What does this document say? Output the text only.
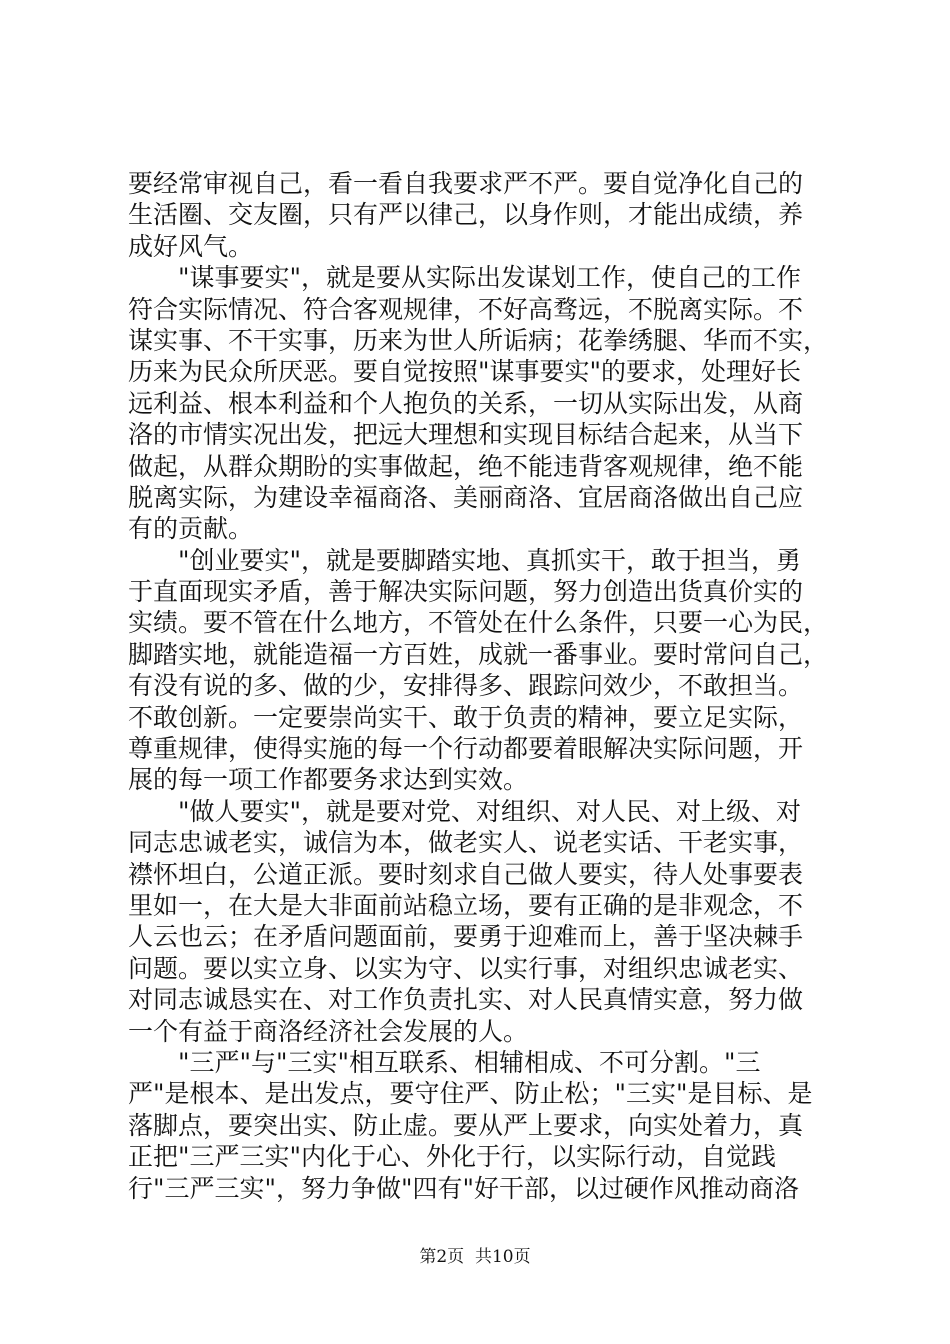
要经常审视自己，看一看自我要求严不严。要自觉净化自己的
生活圈、交友圈，只有严以律己，以身作则，才能出成绩，养
成好风气。
　　"谋事要实"，就是要从实际出发谋划工作，使自己的工作
符合实际情况、符合客观规律，不好高骛远，不脱离实际。不
谋实事、不干实事，历来为世人所诟病；花拳绣腿、华而不实，
历来为民众所厌恶。要自觉按照"谋事要实"的要求，处理好长
远利益、根本利益和个人抱负的关系，一切从实际出发，从商
洛的市情实况出发，把远大理想和实现目标结合起来，从当下
做起，从群众期盼的实事做起，绝不能违背客观规律，绝不能
脱离实际，为建设幸福商洛、美丽商洛、宜居商洛做出自己应
有的贡献。
　　"创业要实"，就是要脚踏实地、真抓实干，敢于担当，勇
于直面现实矛盾，善于解决实际问题，努力创造出货真价实的
实绩。要不管在什么地方，不管处在什么条件，只要一心为民，
脚踏实地，就能造福一方百姓，成就一番事业。要时常问自己，
有没有说的多、做的少，安排得多、跟踪问效少，不敢担当。
不敢创新。一定要崇尚实干、敢于负责的精神，要立足实际，
尊重规律，使得实施的每一个行动都要着眼解决实际问题，开
展的每一项工作都要务求达到实效。
　　"做人要实"，就是要对党、对组织、对人民、对上级、对
同志忠诚老实，诚信为本，做老实人、说老实话、干老实事，
襟怀坦白，公道正派。要时刻求自己做人要实，待人处事要表
里如一，在大是大非面前站稳立场，要有正确的是非观念，不
人云也云；在矛盾问题面前，要勇于迎难而上，善于坚决棘手
问题。要以实立身、以实为守、以实行事，对组织忠诚老实、
对同志诚恳实在、对工作负责扎实、对人民真情实意，努力做
一个有益于商洛经济社会发展的人。
　　"三严"与"三实"相互联系、相辅相成、不可分割。"三
严"是根本、是出发点，要守住严、防止松；"三实"是目标、是
落脚点，要突出实、防止虚。要从严上要求，向实处着力，真
正把"三严三实"内化于心、外化于行，以实际行动，自觉践
行"三严三实"，努力争做"四有"好干部，以过硬作风推动商洛
第2页  共10页
